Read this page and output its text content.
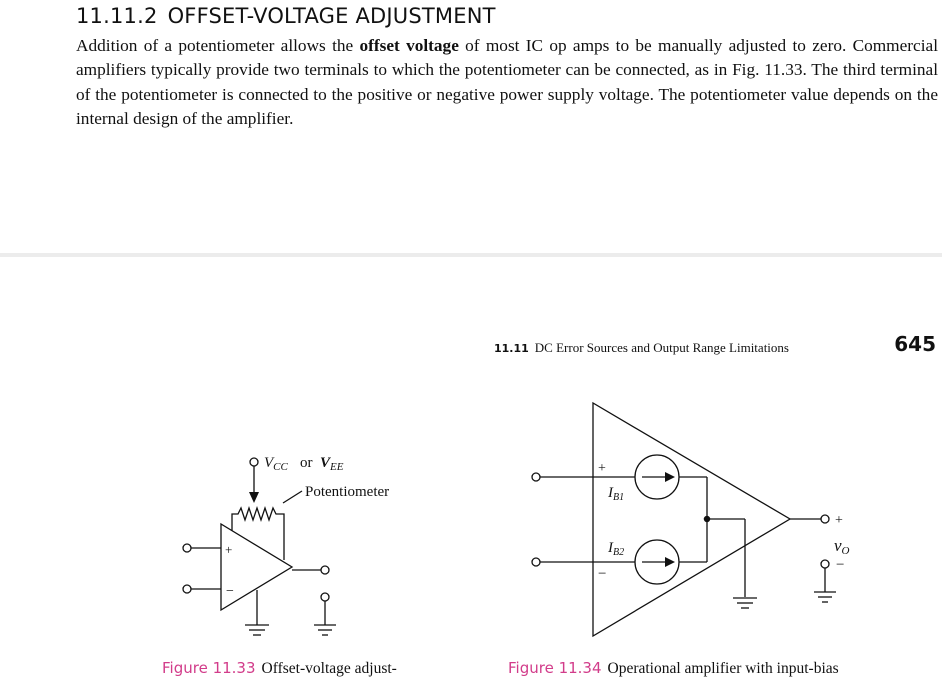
11.11.2 OFFSET-VOLTAGE ADJUSTMENT

Addition of a potentiometer allows the offset voltage of most IC op amps to be manually adjusted to zero. Commercial amplifiers typically provide two terminals to which the potentiometer can be connected, as in Fig. 11.33. The third terminal of the potentiometer is connected to the positive or negative power supply voltage. The potentiometer value depends on the internal design of the amplifier.

11.11 DC Error Sources and Output Range Limitations	645
$V_{CC}$ or $V_{EE}$
Potentiometer
+
−
+
−
$I_{B1}$
$I_{B2}$
+
−
vO
Figure 11.33 Offset-voltage adjust-	Figure 11.34 Operational amplifier with input-bias
